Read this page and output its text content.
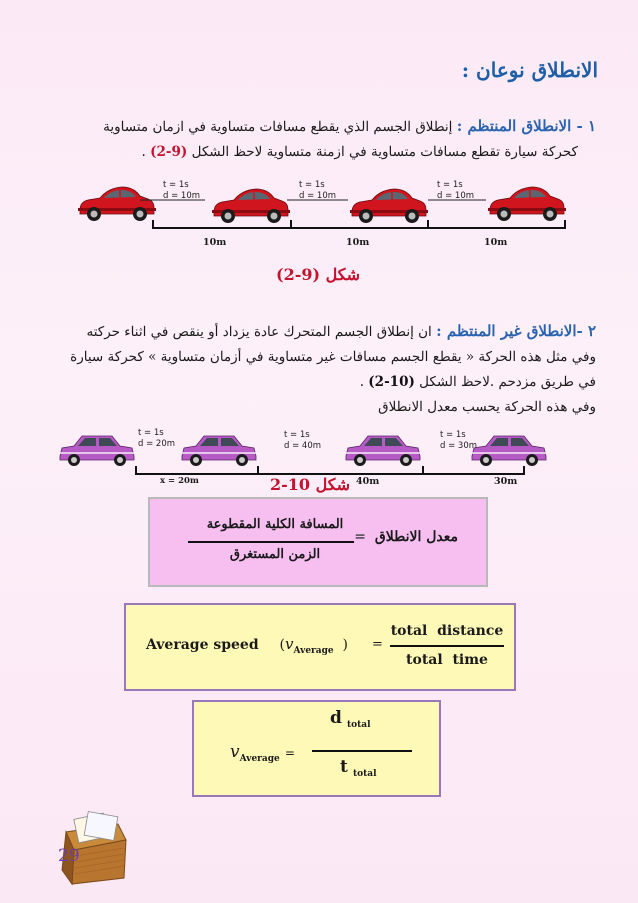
الانطلاق نوعان :
١ - الانطلاق المنتظم : إنطلاق الجسم الذي يقطع مسافات متساوية في ازمان متساوية
كحركة سيارة تقطع مسافات متساوية في ازمنة متساوية لاحظ الشكل (2-9) .
t = 1s
d = 10m
t = 1s
d = 10m
t = 1s
d = 10m
10m	10m	10m
(2-9) شكل
٢ -الانطلاق غير المنتظم : ان إنطلاق الجسم المتحرك عادة يزداد أو ينقص في اثناء حركته
وفي مثل هذه الحركة « يقطع الجسم مسافات غير متساوية في أزمان متساوية » كحركة سيارة
في طريق مزدحم .لاحظ الشكل (2-10) .
وفي هذه الحركة يحسب معدل الانطلاق
t = 1s
d = 20m
t = 1s
d = 40m
t = 1s
d = 30m
x = 20m	40m	30m
2-10 شكل
معدل الانطلاق =
المسافة الكلية المقطوعة
الزمن المستغرق
Average speed ($v_{Average}$ ) =
total  distance
total  time
$v_{Average}$ =
d $_{total}$
t $_{total}$
29
